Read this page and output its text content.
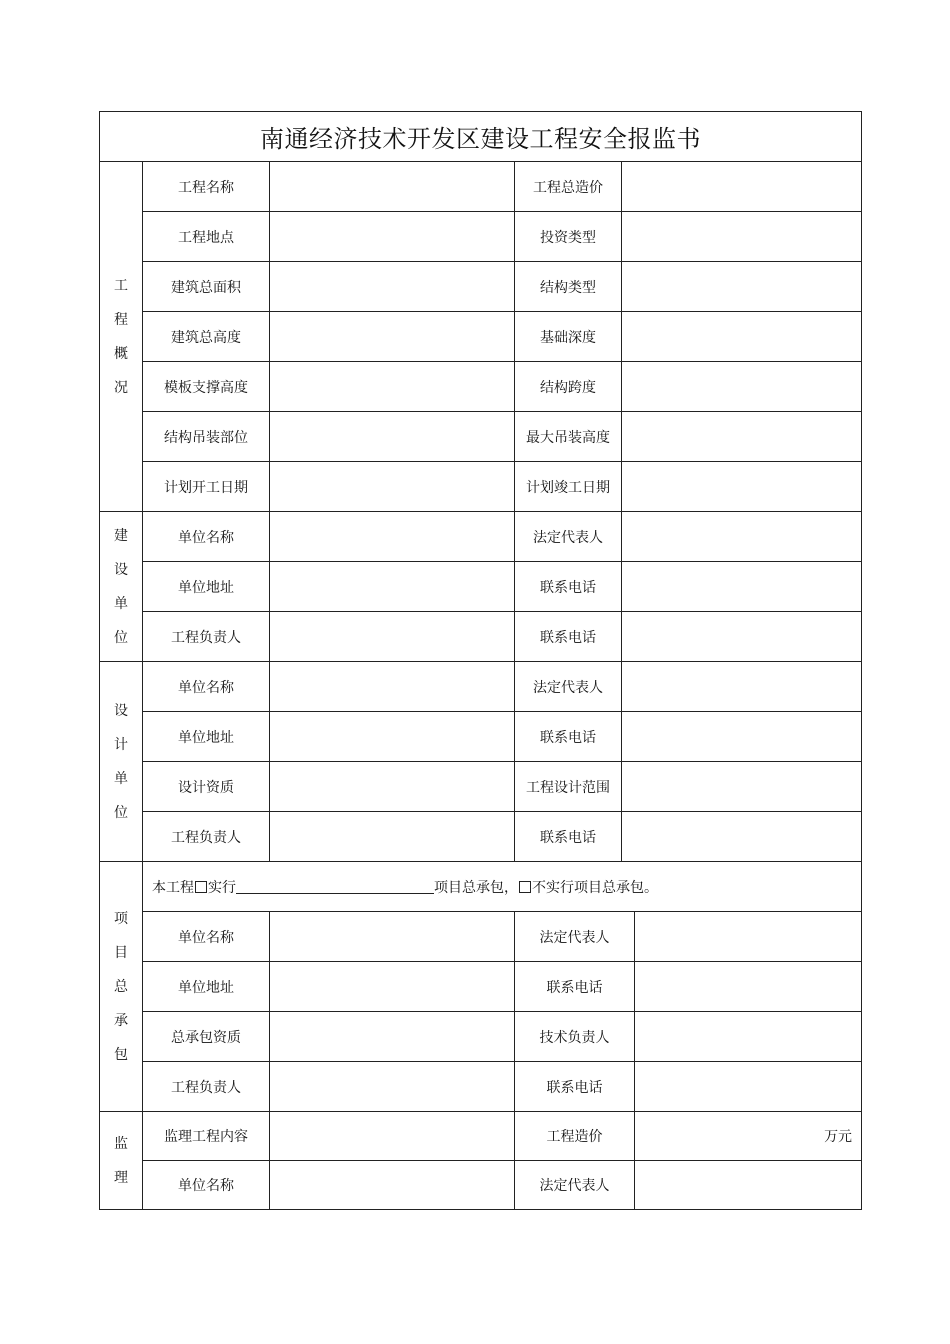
南通经济技术开发区建设工程安全报监书					

工
程
概
况	工程名称		工程总造价		
	工程地点		投资类型		
	建筑总面积		结构类型		
	建筑总高度		基础深度		
	模板支撑高度		结构跨度		
	结构吊装部位		最大吊装高度		
	计划开工日期		计划竣工日期		

建
设
单
位	单位名称		法定代表人		
	单位地址		联系电话		
	工程负责人		联系电话		

设
计
单
位	单位名称		法定代表人		
	单位地址		联系电话		
	设计资质		工程设计范围		
	工程负责人		联系电话		

项
目
总
承
包	本工程 实行 项目总承包， 不实行项目总承包。				
	单位名称		法定代表人		
	单位地址		联系电话		
	总承包资质		技术负责人		
	工程负责人		联系电话		

监
理	监理工程内容		工程造价		万元
	单位名称		法定代表人		
